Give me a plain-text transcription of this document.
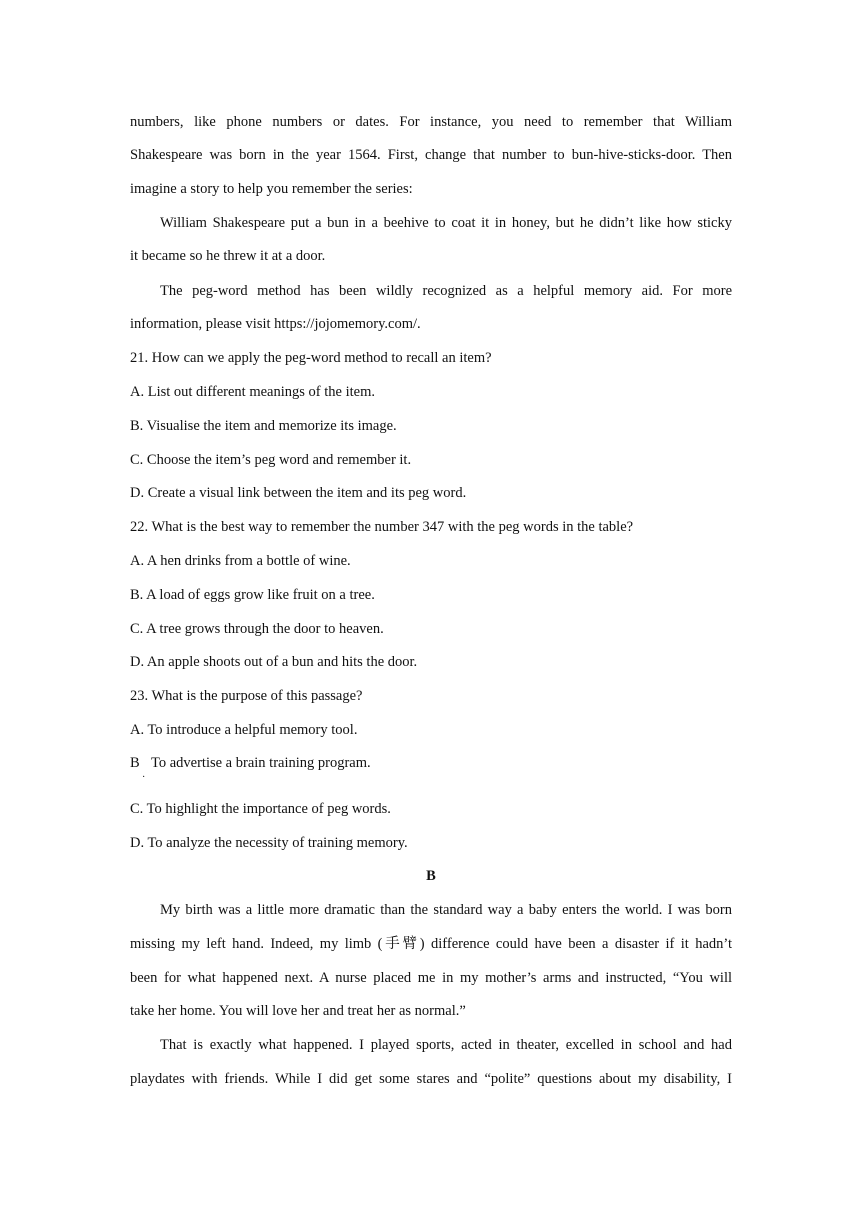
numbers, like phone numbers or dates. For instance, you need to remember that William
Shakespeare was born in the year 1564. First, change that number to bun-hive-sticks-door. Then
imagine a story to help you remember the series:
William Shakespeare put a bun in a beehive to coat it in honey, but he didn’t like how sticky
it became so he threw it at a door.
The peg-word method has been wildly recognized as a helpful memory aid. For more
information, please visit https://jojomemory.com/.
21. How can we apply the peg-word method to recall an item?
A. List out different meanings of the item.
B. Visualise the item and memorize its image.
C. Choose the item’s peg word and remember it.
D. Create a visual link between the item and its peg word.
22. What is the best way to remember the number 347 with the peg words in the table?
A. A hen drinks from a bottle of wine.
B. A load of eggs grow like fruit on a tree.
C. A tree grows through the door to heaven.
D. An apple shoots out of a bun and hits the door.
23. What is the purpose of this passage?
A. To introduce a helpful memory tool.
B To advertise a brain training program.
·
C. To highlight the importance of peg words.
D. To analyze the necessity of training memory.
B
My birth was a little more dramatic than the standard way a baby enters the world. I was born
missing my left hand. Indeed, my limb (手臂) difference could have been a disaster if it hadn’t
been for what happened next. A nurse placed me in my mother’s arms and instructed, “You will
take her home. You will love her and treat her as normal.”
That is exactly what happened. I played sports, acted in theater, excelled in school and had
playdates with friends. While I did get some stares and “polite” questions about my disability, I
